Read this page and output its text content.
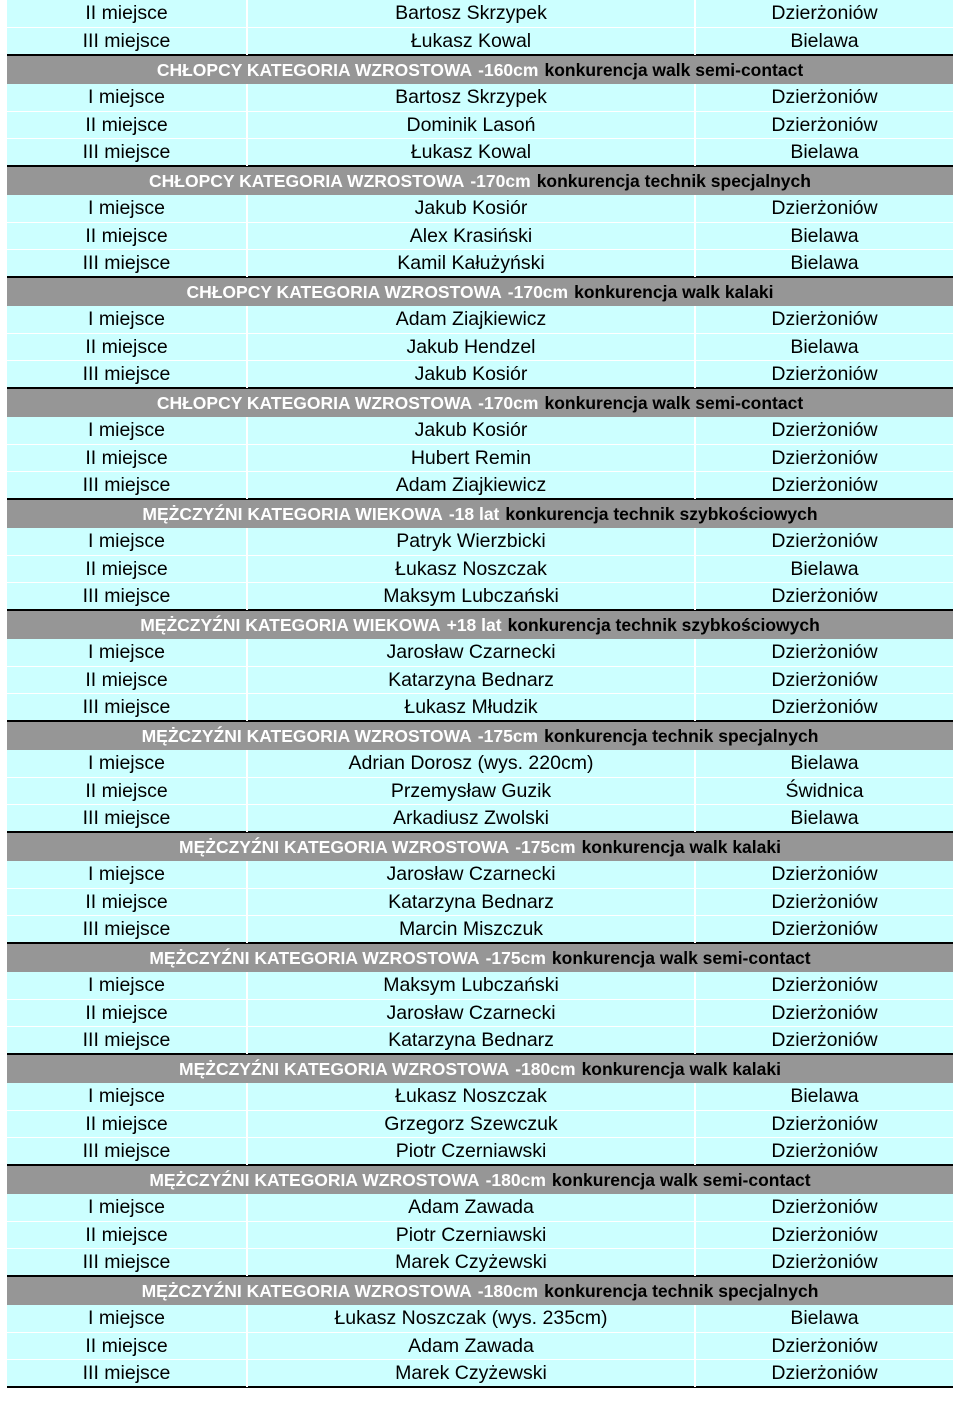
II miejsce	Bartosz Skrzypek	Dzierżoniów
III miejsce	Łukasz Kowal	Bielawa
CHŁOPCY KATEGORIA WZROSTOWA -160cm konkurencja walk semi-contact
I miejsce	Bartosz Skrzypek	Dzierżoniów
II miejsce	Dominik Lasoń	Dzierżoniów
III miejsce	Łukasz Kowal	Bielawa
CHŁOPCY KATEGORIA WZROSTOWA -170cm konkurencja technik specjalnych
I miejsce	Jakub Kosiór	Dzierżoniów
II miejsce	Alex Krasiński	Bielawa
III miejsce	Kamil Kałużyński	Bielawa
CHŁOPCY KATEGORIA WZROSTOWA -170cm konkurencja walk kalaki
I miejsce	Adam Ziajkiewicz	Dzierżoniów
II miejsce	Jakub Hendzel	Bielawa
III miejsce	Jakub Kosiór	Dzierżoniów
CHŁOPCY KATEGORIA WZROSTOWA -170cm konkurencja walk semi-contact
I miejsce	Jakub Kosiór	Dzierżoniów
II miejsce	Hubert Remin	Dzierżoniów
III miejsce	Adam Ziajkiewicz	Dzierżoniów
MĘŻCZYŹNI KATEGORIA WIEKOWA -18 lat konkurencja technik szybkościowych
I miejsce	Patryk Wierzbicki	Dzierżoniów
II miejsce	Łukasz Noszczak	Bielawa
III miejsce	Maksym Lubczański	Dzierżoniów
MĘŻCZYŹNI KATEGORIA WIEKOWA +18 lat konkurencja technik szybkościowych
I miejsce	Jarosław Czarnecki	Dzierżoniów
II miejsce	Katarzyna Bednarz	Dzierżoniów
III miejsce	Łukasz Młudzik	Dzierżoniów
MĘŻCZYŹNI KATEGORIA WZROSTOWA -175cm konkurencja technik specjalnych
I miejsce	Adrian Dorosz (wys. 220cm)	Bielawa
II miejsce	Przemysław Guzik	Świdnica
III miejsce	Arkadiusz Zwolski	Bielawa
MĘŻCZYŹNI KATEGORIA WZROSTOWA -175cm konkurencja walk kalaki
I miejsce	Jarosław Czarnecki	Dzierżoniów
II miejsce	Katarzyna Bednarz	Dzierżoniów
III miejsce	Marcin Miszczuk	Dzierżoniów
MĘŻCZYŹNI KATEGORIA WZROSTOWA -175cm konkurencja walk semi-contact
I miejsce	Maksym Lubczański	Dzierżoniów
II miejsce	Jarosław Czarnecki	Dzierżoniów
III miejsce	Katarzyna Bednarz	Dzierżoniów
MĘŻCZYŹNI KATEGORIA WZROSTOWA -180cm konkurencja walk kalaki
I miejsce	Łukasz Noszczak	Bielawa
II miejsce	Grzegorz Szewczuk	Dzierżoniów
III miejsce	Piotr Czerniawski	Dzierżoniów
MĘŻCZYŹNI KATEGORIA WZROSTOWA -180cm konkurencja walk semi-contact
I miejsce	Adam Zawada	Dzierżoniów
II miejsce	Piotr Czerniawski	Dzierżoniów
III miejsce	Marek Czyżewski	Dzierżoniów
MĘŻCZYŹNI KATEGORIA WZROSTOWA -180cm konkurencja technik specjalnych
I miejsce	Łukasz Noszczak (wys. 235cm)	Bielawa
II miejsce	Adam Zawada	Dzierżoniów
III miejsce	Marek Czyżewski	Dzierżoniów
